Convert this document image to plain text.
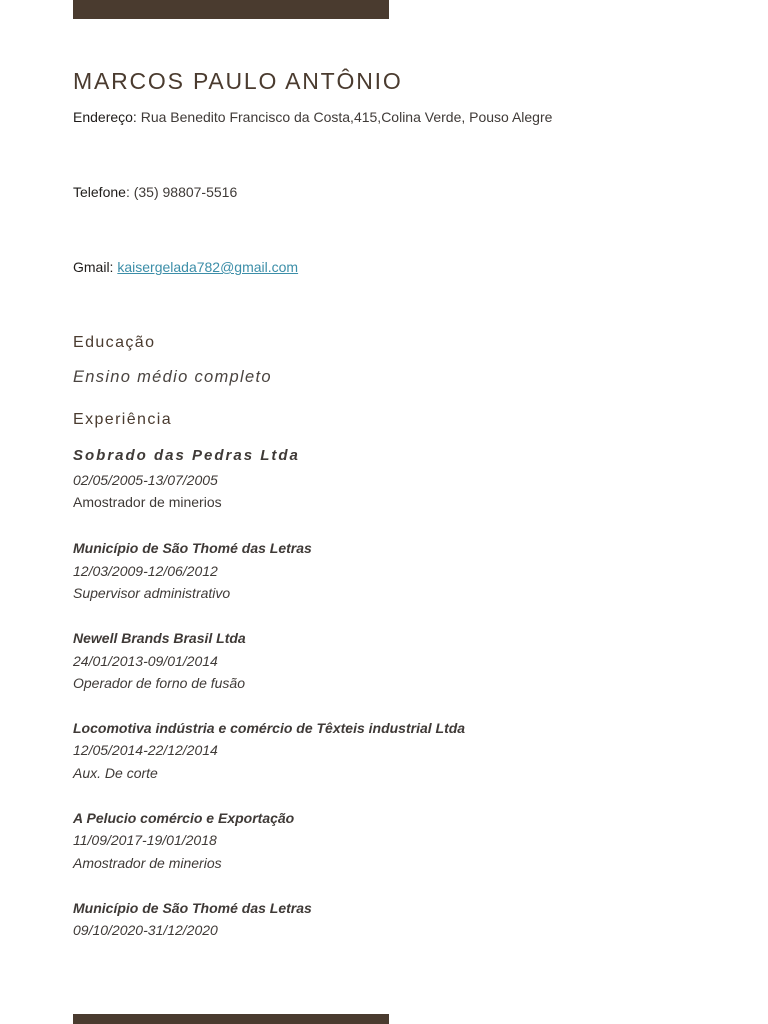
MARCOS PAULO ANTÔNIO
Endereço: Rua Benedito Francisco da Costa,415,Colina Verde, Pouso Alegre
Telefone: (35) 98807-5516
Gmail: kaisergelada782@gmail.com
Educação
Ensino médio completo
Experiência
Sobrado das Pedras Ltda
02/05/2005-13/07/2005
Amostrador de minerios
Município de São Thomé das Letras
12/03/2009-12/06/2012
Supervisor administrativo
Newell Brands Brasil Ltda
24/01/2013-09/01/2014
Operador de forno de fusão
Locomotiva indústria e comércio de Têxteis industrial Ltda
12/05/2014-22/12/2014
Aux. De corte
A Pelucio comércio e Exportação
11/09/2017-19/01/2018
Amostrador de minerios
Município de São Thomé das Letras
09/10/2020-31/12/2020
